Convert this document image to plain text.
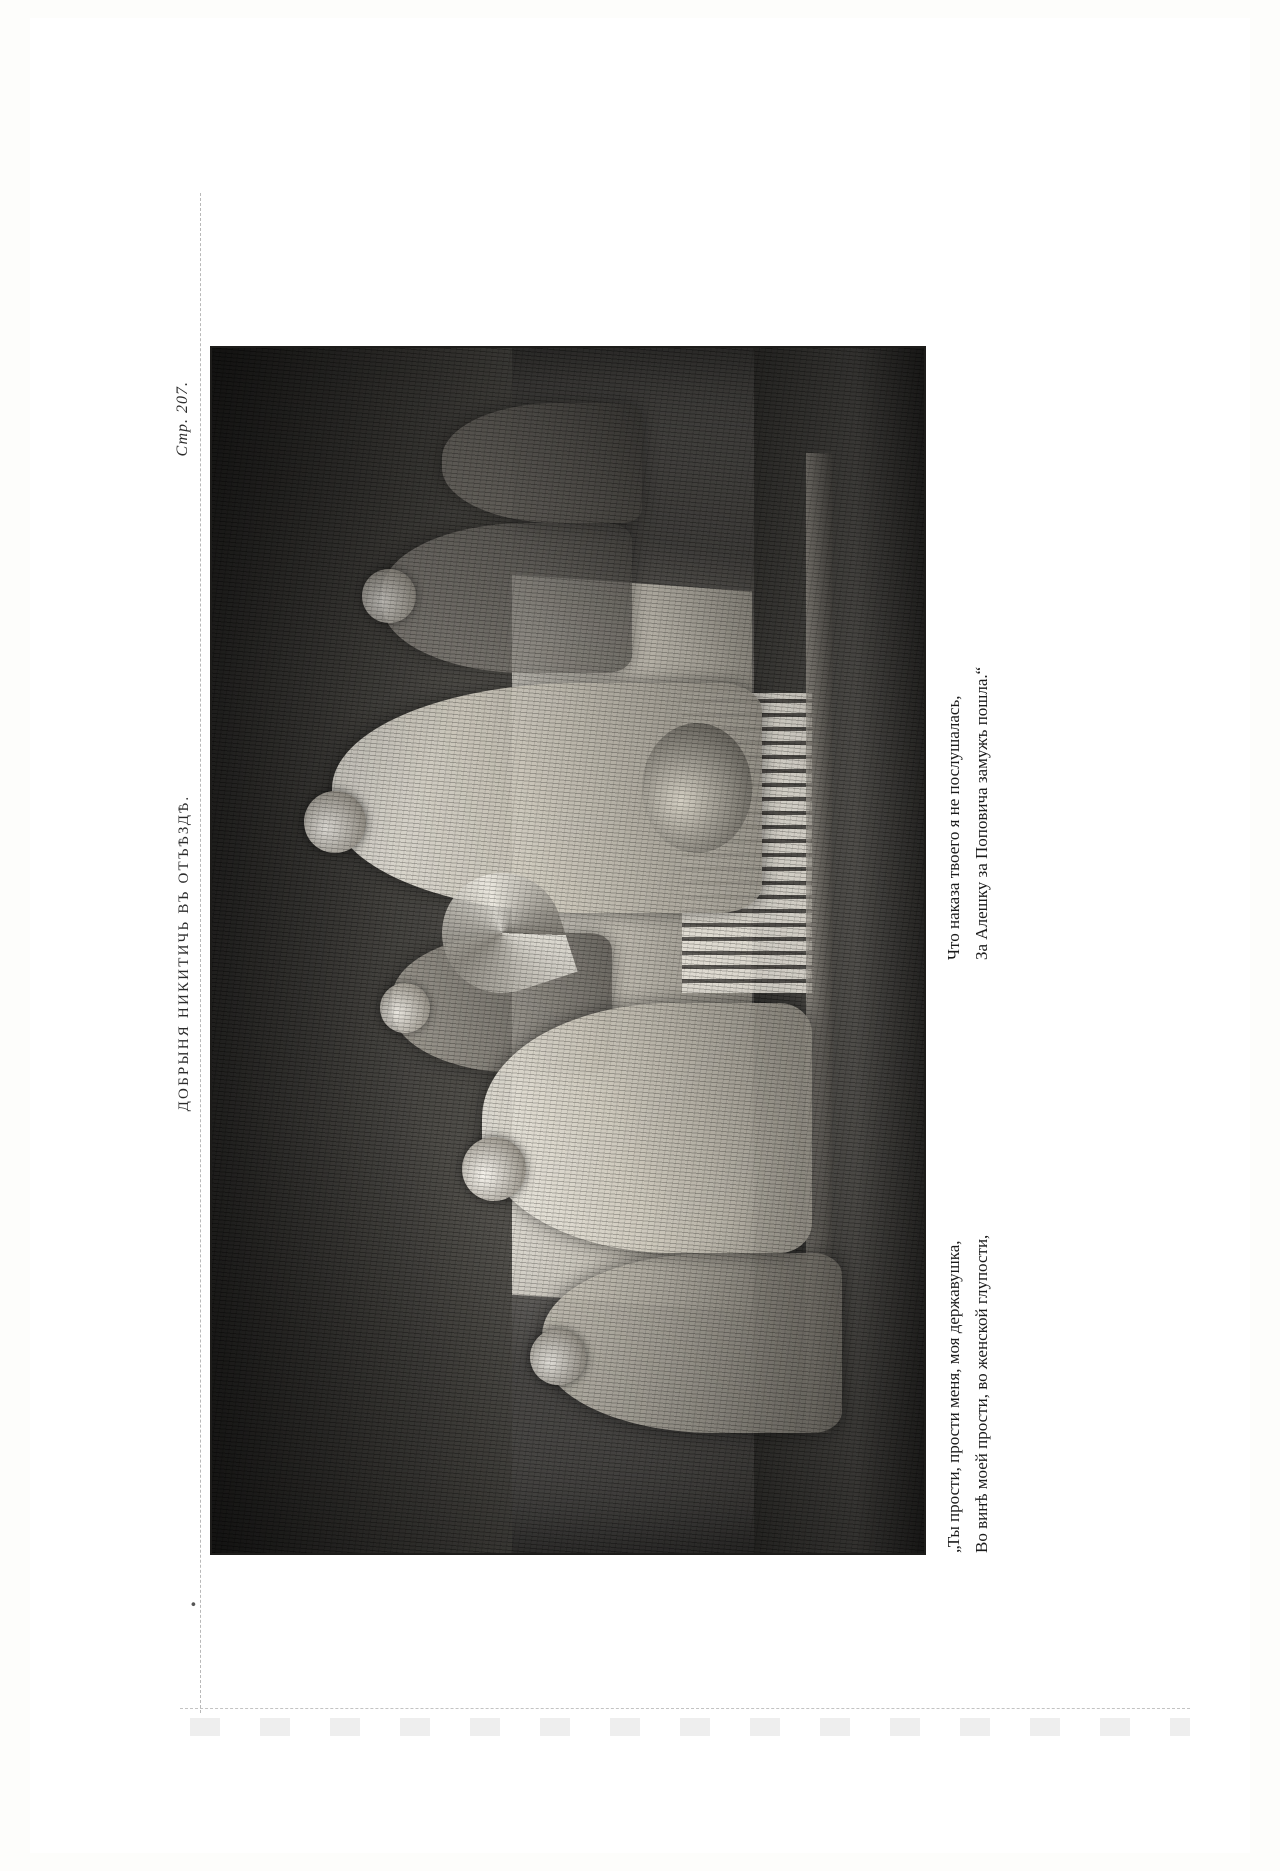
•
ДОБРЫНЯ НИКИТИЧЬ ВЪ ОТЪѢЗДѢ.
Стр. 207.

„Ты прости, прости меня, моя державушка, Во винѣ моей прости, во женской глупости,

Что наказа твоего я не послушалась, За Алешку за Поповича замужъ пошла.“
